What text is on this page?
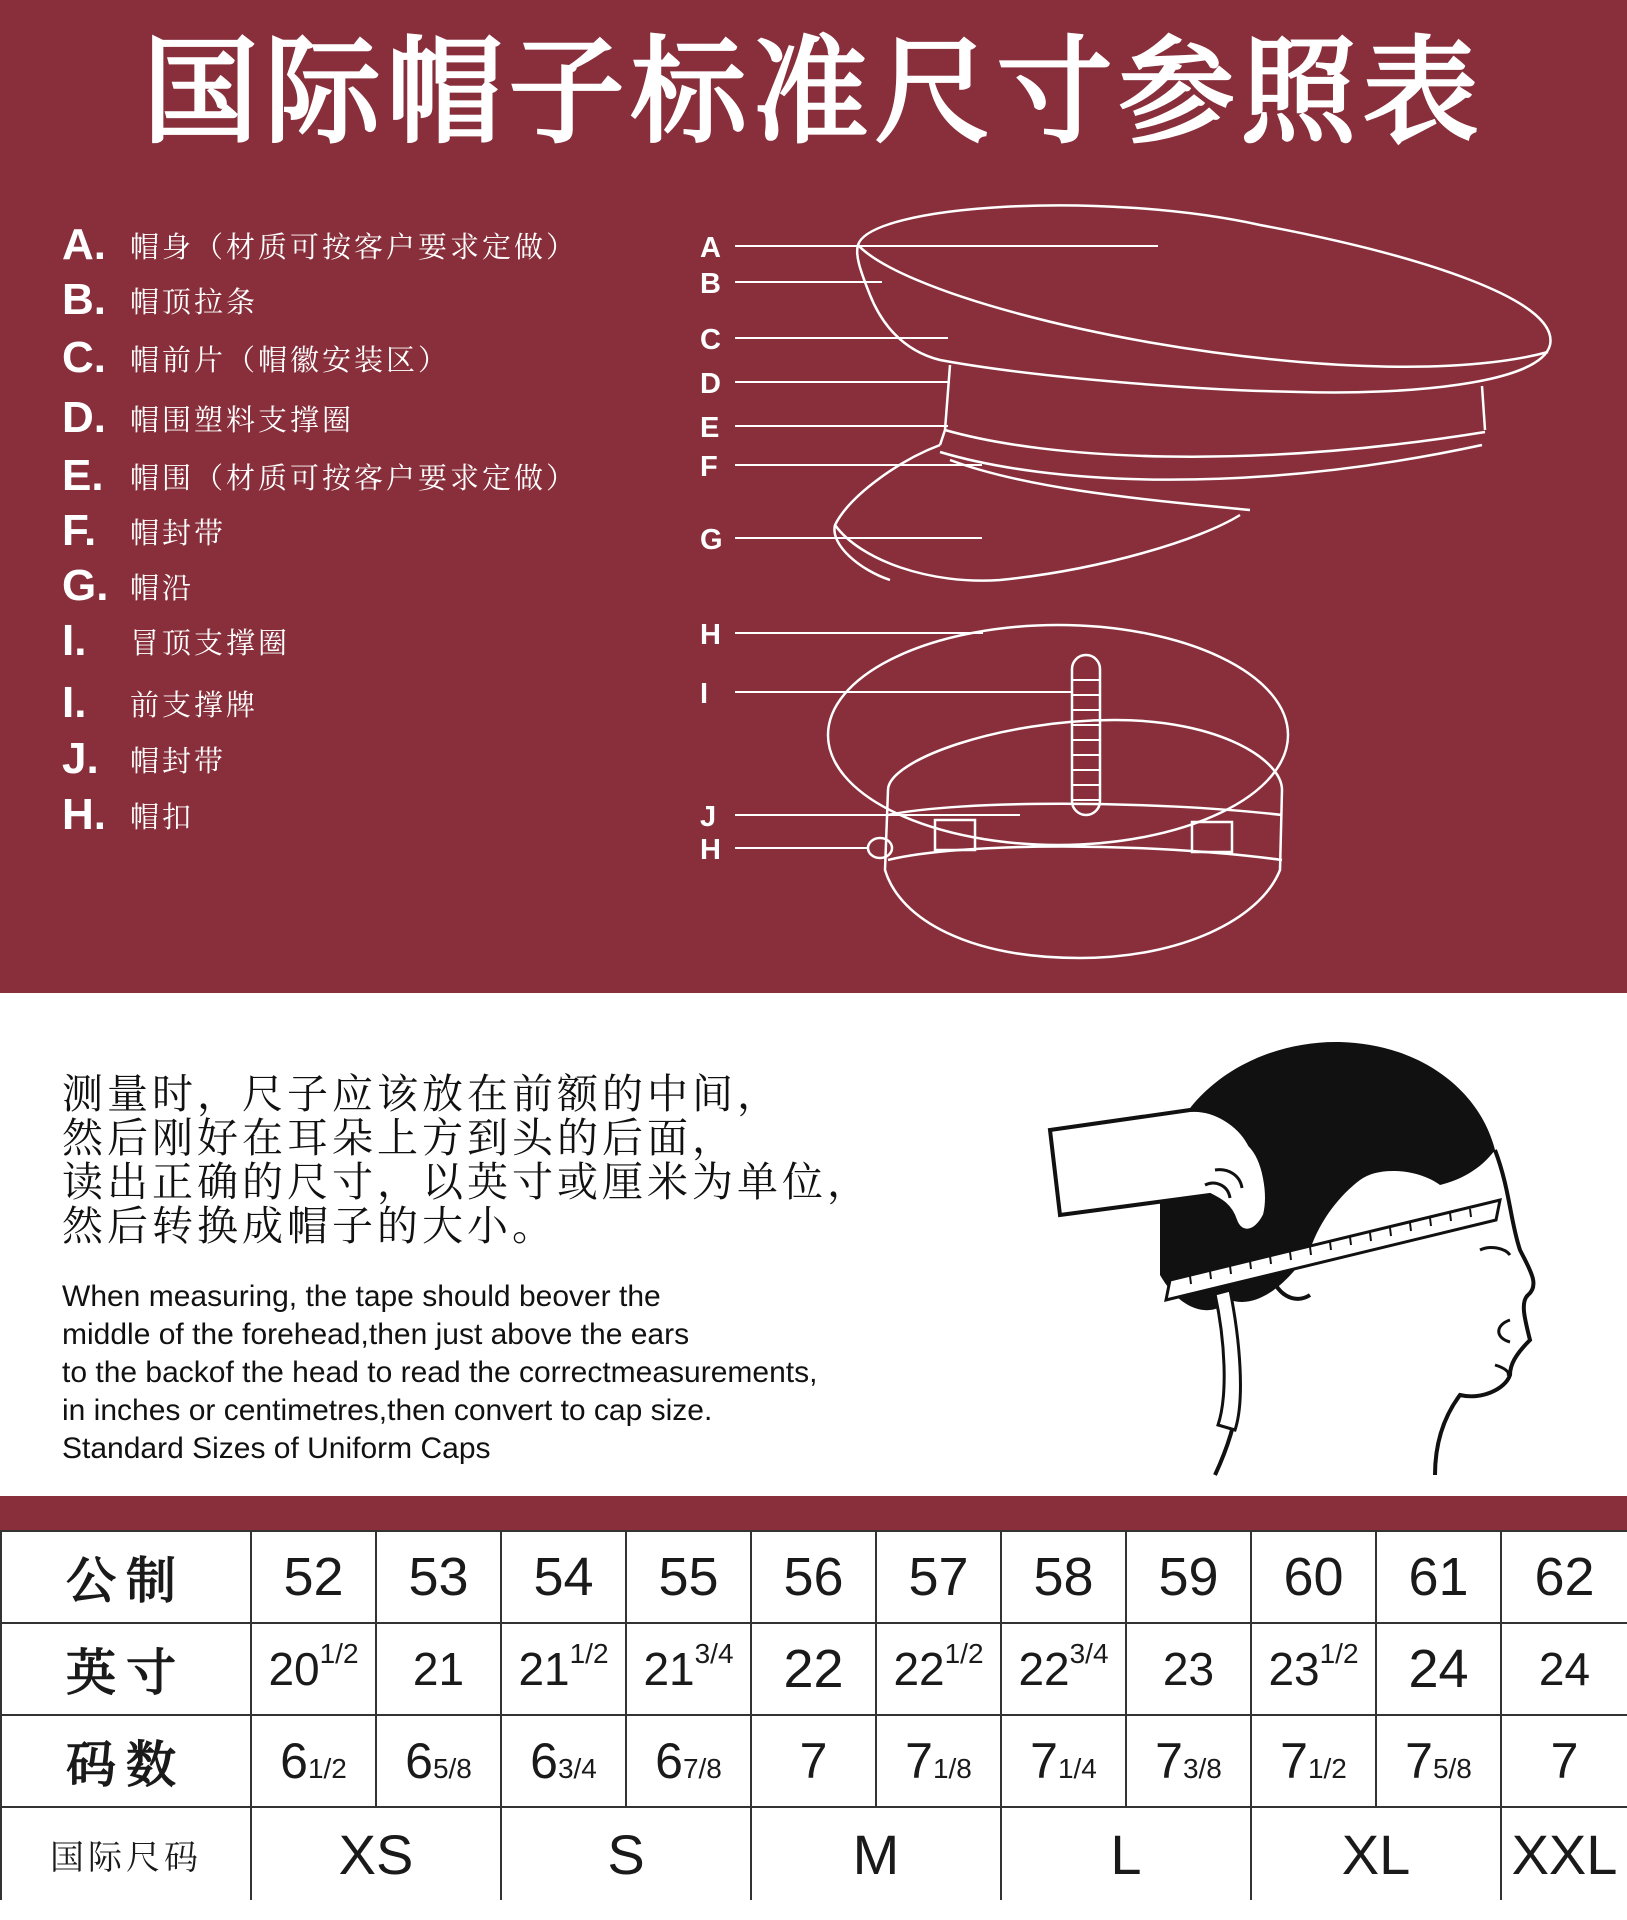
国际帽子标准尺寸参照表
A. 帽身（材质可按客户要求定做）
B. 帽顶拉条
C. 帽前片（帽徽安装区）
D. 帽围塑料支撑圈
E. 帽围（材质可按客户要求定做）
F.	帽封带
G. 帽沿
I.	冒顶支撑圈
I.	前支撑牌
J.	帽封带
H. 帽扣
A
B
C
D
E
F
G
H
I
J
H
测量时，尺子应该放在前额的中间，
然后刚好在耳朵上方到头的后面，
读出正确的尺寸，以英寸或厘米为单位，
然后转换成帽子的大小。
When measuring, the tape should beover the
middle of the forehead,then just above the ears
to the backof the head to read the correctmeasurements,
in inches or centimetres,then convert to cap size.
Standard Sizes of Uniform Caps
公制	52	53	54	55	56	57	58	59	60	61	62
英寸	$20^{1/2}$	21	$21^{1/2}$	$21^{3/4}$	22	$22^{1/2}$	$22^{3/4}$	23	$23^{1/2}$	24	24
码数	61/2	65/8	63/4	67/8	7	71/8	71/4	73/8	71/2	75/8	7
国际尺码	XS		S		M		L		XL		XXL
